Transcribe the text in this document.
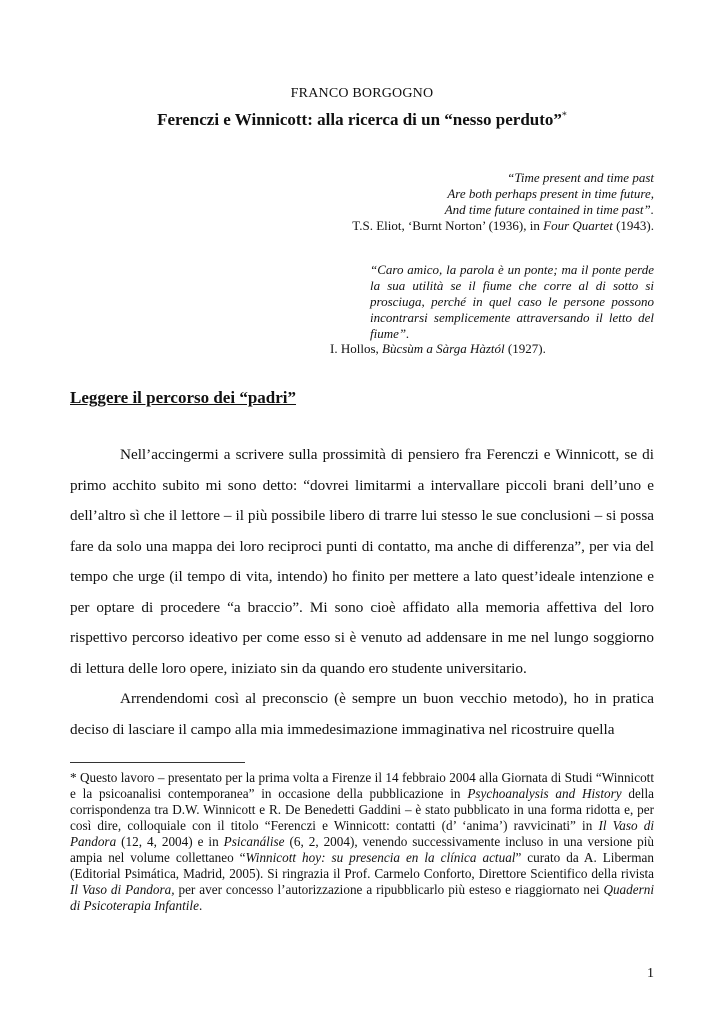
FRANCO BORGOGNO
Ferenczi e Winnicott: alla ricerca di un “nesso perduto”*
“Time present and time past
Are both perhaps present in time future,
And time future contained in time past”.
T.S. Eliot, ‘Burnt Norton’ (1936), in Four Quartet (1943).
“Caro amico, la parola è un ponte; ma il ponte perde la sua utilità se il fiume che corre al di sotto si prosciuga, perché in quel caso le persone possono incontrarsi semplicemente attraversando il letto del fiume”.
I. Hollos, Bùcsùm a Sàrga Hàztól (1927).
Leggere il percorso dei “padri”

Nell’accingermi a scrivere sulla prossimità di pensiero fra Ferenczi e Winnicott, se di primo acchito subito mi sono detto: “dovrei limitarmi a intervallare piccoli brani dell’uno e dell’altro sì che il lettore – il più possibile libero di trarre lui stesso le sue conclusioni – si possa fare da solo una mappa dei loro reciproci punti di contatto, ma anche di differenza”, per via del tempo che urge (il tempo di vita, intendo) ho finito per mettere a lato quest’ideale intenzione e per optare di procedere “a braccio”. Mi sono cioè affidato alla memoria affettiva del loro rispettivo percorso ideativo per come esso si è venuto ad addensare in me nel lungo soggiorno di lettura delle loro opere, iniziato sin da quando ero studente universitario.

Arrendendomi così al preconscio (è sempre un buon vecchio metodo), ho in pratica deciso di lasciare il campo alla mia immedesimazione immaginativa nel ricostruire quella

* Questo lavoro – presentato per la prima volta a Firenze il 14 febbraio 2004 alla Giornata di Studi “Winnicott e la psicoanalisi contemporanea” in occasione della pubblicazione in Psychoanalysis and History della corrispondenza tra D.W. Winnicott e R. De Benedetti Gaddini – è stato pubblicato in una forma ridotta e, per così dire, colloquiale con il titolo “Ferenczi e Winnicott: contatti (d’ ‘anima’) ravvicinati” in Il Vaso di Pandora (12, 4, 2004) e in Psicanálise (6, 2, 2004), venendo successivamente incluso in una versione più ampia nel volume collettaneo “Winnicott hoy: su presencia en la clínica actual” curato da A. Liberman (Editorial Psimática, Madrid, 2005). Si ringrazia il Prof. Carmelo Conforto, Direttore Scientifico della rivista Il Vaso di Pandora, per aver concesso l’autorizzazione a ripubblicarlo più esteso e riaggiornato nei Quaderni di Psicoterapia Infantile.
1
